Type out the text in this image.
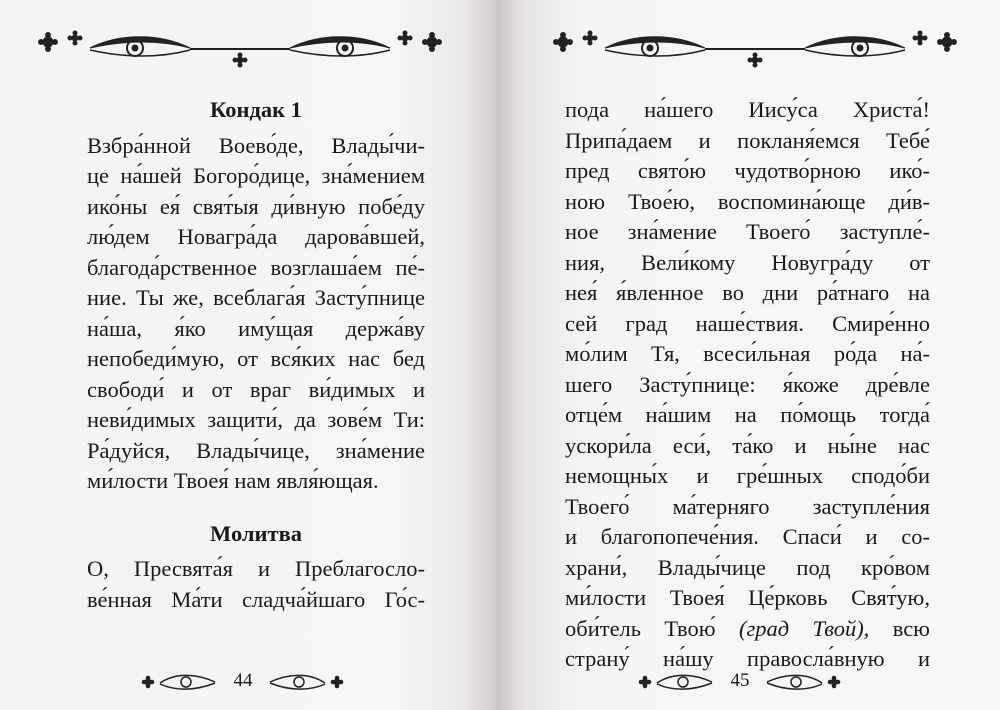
Кондак 1

Взбра́нной Воево́де, Влады́чи-
це на́шей Богоро́дице, зна́мением
ико́ны ея́ свят́ыя ди́вную побе́ду
лю́дем Новагра́да дарова́вшей,
благода́рственное возглаша́ем пе́-
ние. Ты же, всеблага́я Засту́пнице
на́ша, я́ко иму́щая держа́ву
непобеди́мую, от вся́ких нас бед
свободи́ и от враг ви́димых и
неви́димых защити́, да зове́м Ти:
Ра́дуйся, Влады́чице, зна́мение
ми́лости Твоея́ нам явля́ющая.

Молитва

О, Пресвята́я и Преблагосло-
ве́нная Ма́ти сладча́йшаго Го́с-
44
пода на́шего Иису́са Христа́!
Припа́даем и покланя́емся Тебе́
пред свято́ю чудотво́рною ико́-
ною Твое́ю, воспомина́юще ди́в-
ное зна́мение Твоего́ заступле́-
ния, Вели́кому Новугра́ду от
нея́ я́вленное во дни ра́тнаго на
сей град наше́ствия. Смире́нно
мо́лим Тя, всеси́льная ро́да на́-
шего Засту́пнице: я́коже дре́вле
отце́м на́шим на по́мощь тогда́
ускори́ла еси́, та́ко и ны́не нас
немощны́х и гре́шных сподо́би
Твоего́ ма́терняго заступле́ния
и благопопече́ния. Спаси́ и со-
храни́, Влады́чице под кро́вом
ми́лости Твоея́ Це́рковь Свят́ую,
оби́тель Твою́ (град Твой), всю
страну́ на́шу правосла́вную и
45
